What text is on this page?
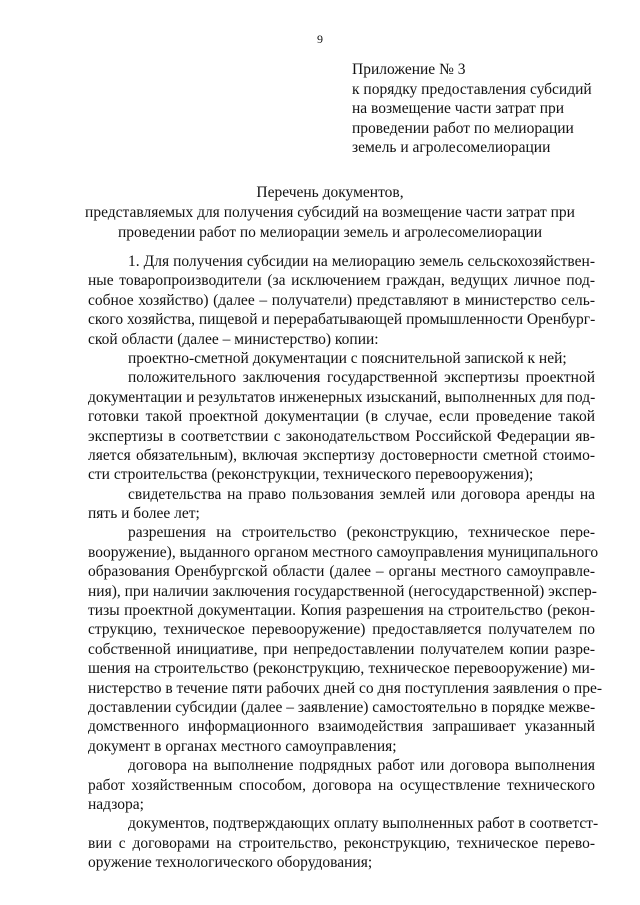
9
Приложение № 3
к порядку предоставления субсидий
на возмещение части затрат при
проведении работ по мелиорации
земель и агролесомелиорации
Перечень документов,
представляемых для получения субсидий на возмещение части затрат при
проведении работ по мелиорации земель и агролесомелиорации
1. Для получения субсидии на мелиорацию земель сельскохозяйствен-
ные товаропроизводители (за исключением граждан, ведущих личное под-
собное хозяйство) (далее – получатели) представляют в министерство сель-
ского хозяйства, пищевой и перерабатывающей промышленности Оренбург-
ской области (далее – министерство) копии:
проектно-сметной документации с пояснительной запиской к ней;
положительного заключения государственной экспертизы проектной
документации и результатов инженерных изысканий, выполненных для под-
готовки такой проектной документации (в случае, если проведение такой
экспертизы в соответствии с законодательством Российской Федерации яв-
ляется обязательным), включая экспертизу достоверности сметной стоимо-
сти строительства (реконструкции, технического перевооружения);
свидетельства на право пользования землей или договора аренды на
пять и более лет;
разрешения на строительство (реконструкцию, техническое пере-
вооружение), выданного органом местного самоуправления муниципального
образования Оренбургской области (далее – органы местного самоуправле-
ния), при наличии заключения государственной (негосударственной) экспер-
тизы проектной документации. Копия разрешения на строительство (рекон-
струкцию, техническое перевооружение) предоставляется получателем по
собственной инициативе, при непредоставлении получателем копии разре-
шения на строительство (реконструкцию, техническое перевооружение) ми-
нистерство в течение пяти рабочих дней со дня поступления заявления о пре-
доставлении субсидии (далее – заявление) самостоятельно в порядке межве-
домственного информационного взаимодействия запрашивает указанный
документ в органах местного самоуправления;
договора на выполнение подрядных работ или договора выполнения
работ хозяйственным способом, договора на осуществление технического
надзора;
документов, подтверждающих оплату выполненных работ в соответст-
вии с договорами на строительство, реконструкцию, техническое перево-
оружение технологического оборудования;
